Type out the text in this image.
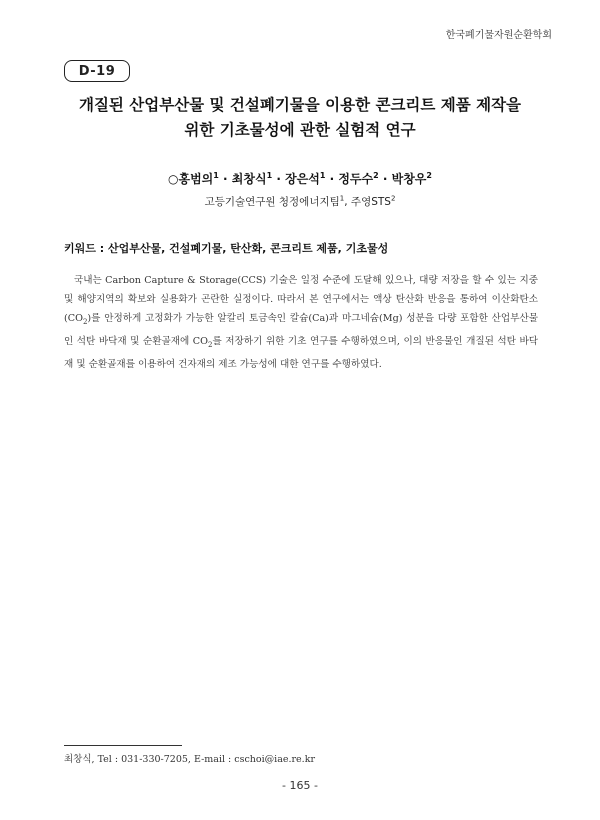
한국폐기물자원순환학회
D-19
개질된 산업부산물 및 건설폐기물을 이용한 콘크리트 제품 제작을
위한 기초물성에 관한 실험적 연구
○홍범의$^1$ · 최창식$^1$ · 장은석$^1$ · 정두수$^2$ · 박창우$^2$
고등기술연구원 청정에너지팀$^1$, 주영STS$^2$
키워드 : 산업부산물, 건설폐기물, 탄산화, 콘크리트 제품, 기초물성
국내는 Carbon Capture & Storage(CCS) 기술은 일정 수준에 도달해 있으나, 대량 저장을 할 수 있는 지중 및 해양지역의 확보와 실용화가 곤란한 실정이다. 따라서 본 연구에서는 액상 탄산화 반응을 통하여 이산화탄소$(CO_2)$를 안정하게 고정화가 가능한 알칼리 토금속인 칼슘(Ca)과 마그네슘(Mg) 성분을 다량 포함한 산업부산물인 석탄 바닥재 및 순환골재에 $CO_2$를 저장하기 위한 기초 연구를 수행하였으며, 이의 반응물인 개질된 석탄 바닥재 및 순환골재를 이용하여 건자재의 제조 가능성에 대한 연구를 수행하였다.
최창식, Tel : 031-330-7205, E-mail : cschoi@iae.re.kr
- 165 -
